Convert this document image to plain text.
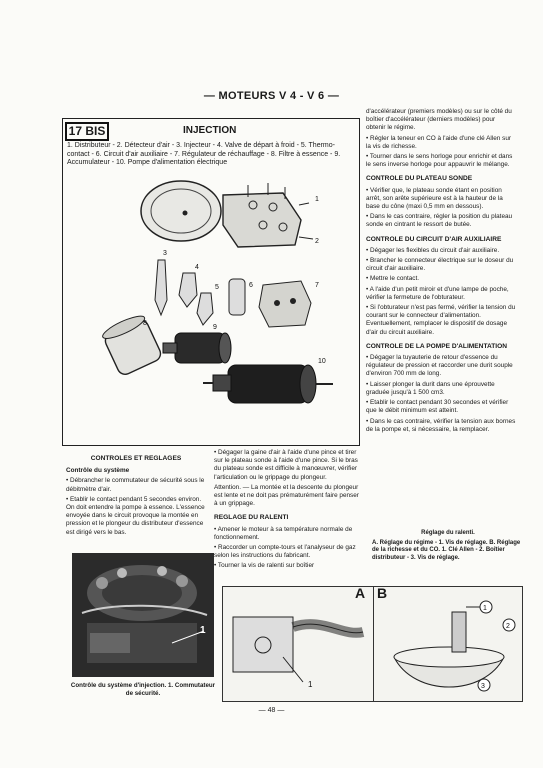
— MOTEURS V 4 - V 6 —
17 BIS	INJECTION
1. Distributeur - 2. Détecteur d'air - 3. Injecteur - 4. Valve de départ à froid - 5. Thermo-contact - 6. Circuit d'air auxiliaire - 7. Régulateur de réchauffage - 8. Filtre à essence - 9. Accumulateur - 10. Pompe d'alimentation électrique
1
2
3
4
5	6	7
8
9
10

d'accélérateur (premiers modèles) ou sur le côté du boîtier d'accélérateur (derniers modèles) pour obtenir le régime.

• Régler la teneur en CO à l'aide d'une clé Allen sur la vis de richesse.

• Tourner dans le sens horloge pour enrichir et dans le sens inverse horloge pour appauvrir le mélange.

CONTROLE DU PLATEAU SONDE

• Vérifier que, le plateau sonde étant en position arrêt, son arête supérieure est à la hauteur de la base du cône (maxi 0,5 mm en dessous).

• Dans le cas contraire, régler la position du plateau sonde en cintrant le ressort de butée.

CONTROLE DU CIRCUIT D'AIR AUXILIAIRE

• Dégager les flexibles du circuit d'air auxiliaire.

• Brancher le connecteur électrique sur le doseur du circuit d'air auxiliaire.

• Mettre le contact.

• A l'aide d'un petit miroir et d'une lampe de poche, vérifier la fermeture de l'obturateur.

• Si l'obturateur n'est pas fermé, vérifier la tension du courant sur le connecteur d'alimentation. Eventuellement, remplacer le dispositif de dosage d'air du circuit auxiliaire.

CONTROLE DE LA POMPE D'ALIMENTATION

• Dégager la tuyauterie de retour d'essence du régulateur de pression et raccorder une durit souple d'environ 700 mm de long.

• Laisser plonger la durit dans une éprouvette graduée jusqu'à 1 500 cm3.

• Etablir le contact pendant 30 secondes et vérifier que le débit minimum est atteint.

• Dans le cas contraire, vérifier la tension aux bornes de la pompe et, si nécessaire, la remplacer.

CONTROLES ET REGLAGES
Contrôle du système

• Débrancher le commutateur de sécurité sous le débitmètre d'air.

• Etablir le contact pendant 5 secondes environ. On doit entendre la pompe à essence. L'essence envoyée dans le circuit provoque la montée en pression et le plongeur du distributeur d'essence est dirigé vers le bas.

• Dégager la gaine d'air à l'aide d'une pince et tirer sur le plateau sonde à l'aide d'une pince. Si le bras du plateau sonde est difficile à manœuvrer, vérifier l'articulation ou le grippage du plongeur.

Attention. — La montée et la descente du plongeur est lente et ne doit pas prématurément faire penser à un grippage.

REGLAGE DU RALENTI

• Amener le moteur à sa température normale de fonctionnement.

• Raccorder un compte-tours et l'analyseur de gaz selon les instructions du fabricant.

• Tourner la vis de ralenti sur boîtier

1
Contrôle du système d'injection. 1. Commutateur de sécurité.
Réglage du ralenti.
A. Réglage du régime - 1. Vis de réglage. B. Réglage de la richesse et du CO. 1. Clé Allen - 2. Boîtier distributeur - 3. Vis de réglage.
A
1
B
1
2
3
— 48 —
